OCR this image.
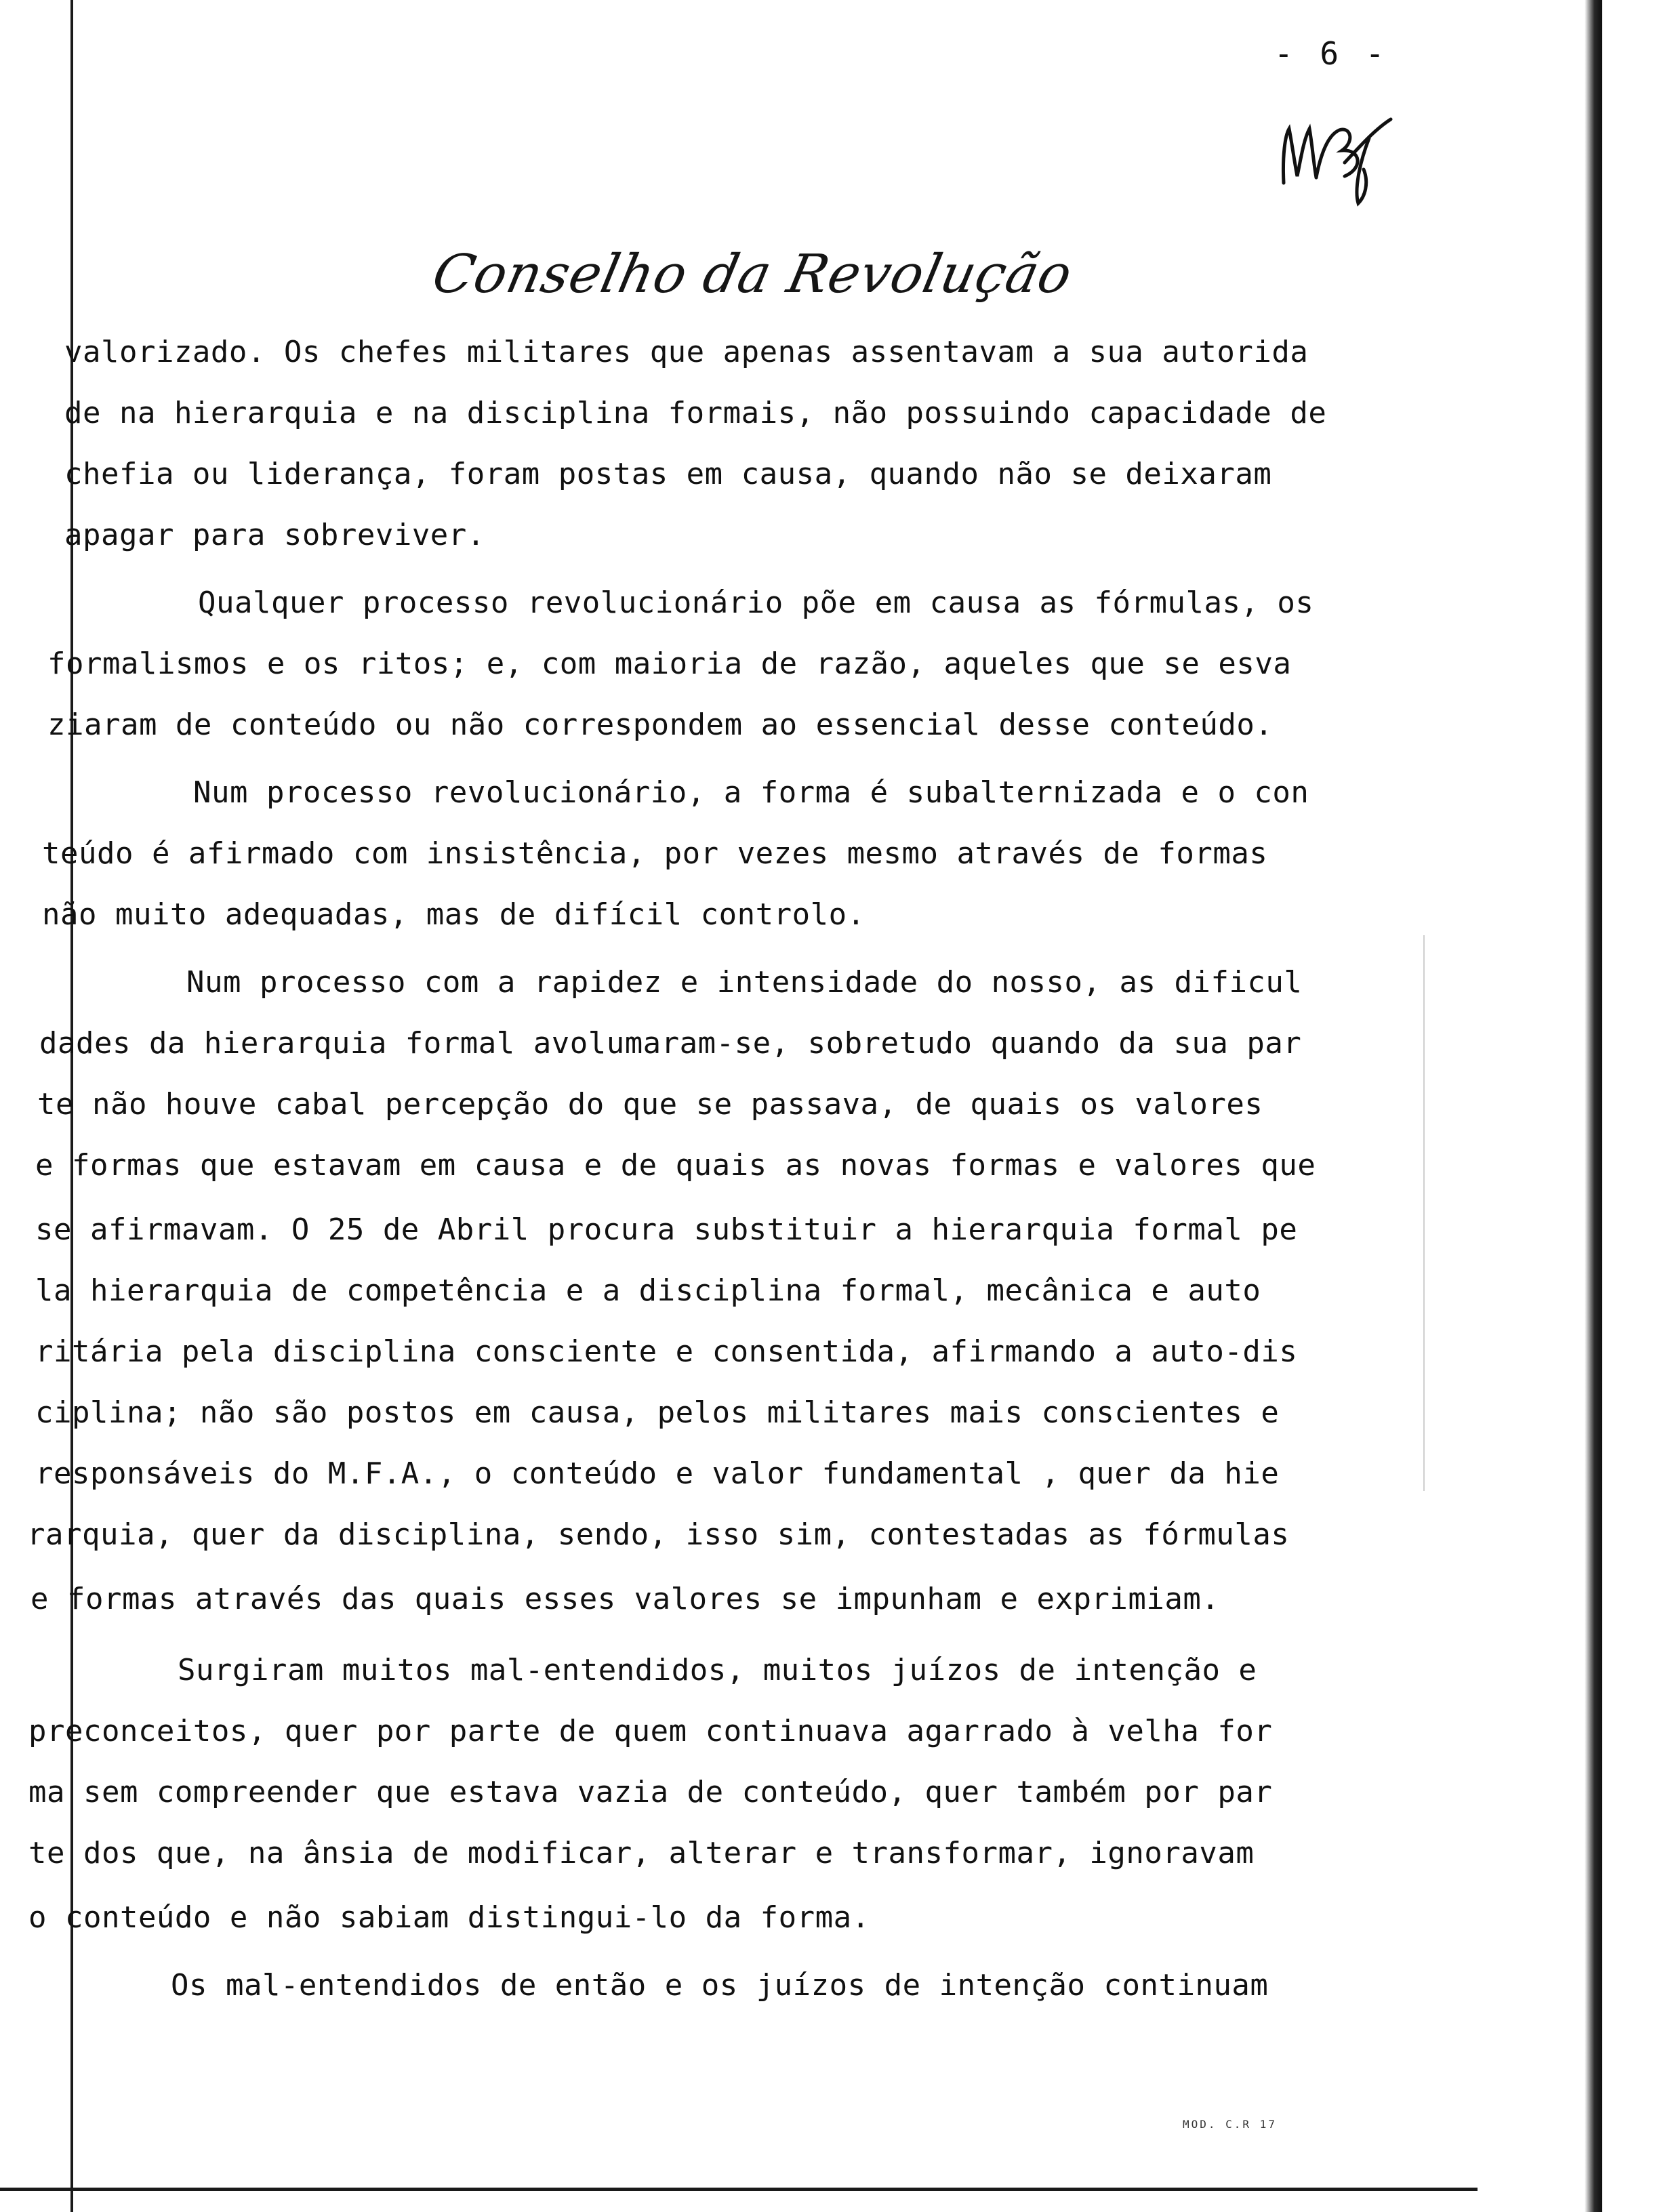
- 6 -
Conselho da Revolução
valorizado. Os chefes militares que apenas assentavam a sua autorida
de na hierarquia e na disciplina formais, não possuindo capacidade de
chefia ou liderança, foram postas em causa, quando não se deixaram
apagar para sobreviver.
Qualquer processo revolucionário põe em causa as fórmulas, os
formalismos e os ritos; e, com maioria de razão, aqueles que se esva
ziaram de conteúdo ou não correspondem ao essencial desse conteúdo.
Num processo revolucionário, a forma é subalternizada e o con
teúdo é afirmado com insistência, por vezes mesmo através de formas
não muito adequadas, mas de difícil controlo.
Num processo com a rapidez e intensidade do nosso, as dificul
dades da hierarquia formal avolumaram-se, sobretudo quando da sua par
te não houve cabal percepção do que se passava, de quais os valores
e formas que estavam em causa e de quais as novas formas e valores que
se afirmavam. O 25 de Abril procura substituir a hierarquia formal pe
la hierarquia de competência e a disciplina formal, mecânica e auto
ritária pela disciplina consciente e consentida, afirmando a auto-dis
ciplina; não são postos em causa, pelos militares mais conscientes e
responsáveis do M.F.A., o conteúdo e valor fundamental , quer da hie
rarquia, quer da disciplina, sendo, isso sim, contestadas as fórmulas
e formas através das quais esses valores se impunham e exprimiam.
Surgiram muitos mal-entendidos, muitos juízos de intenção e
preconceitos, quer por parte de quem continuava agarrado à velha for
ma sem compreender que estava vazia de conteúdo, quer também por par
te dos que, na ânsia de modificar, alterar e transformar, ignoravam
o conteúdo e não sabiam distingui-lo da forma.
Os mal-entendidos de então e os juízos de intenção continuam
MOD. C.R 17
